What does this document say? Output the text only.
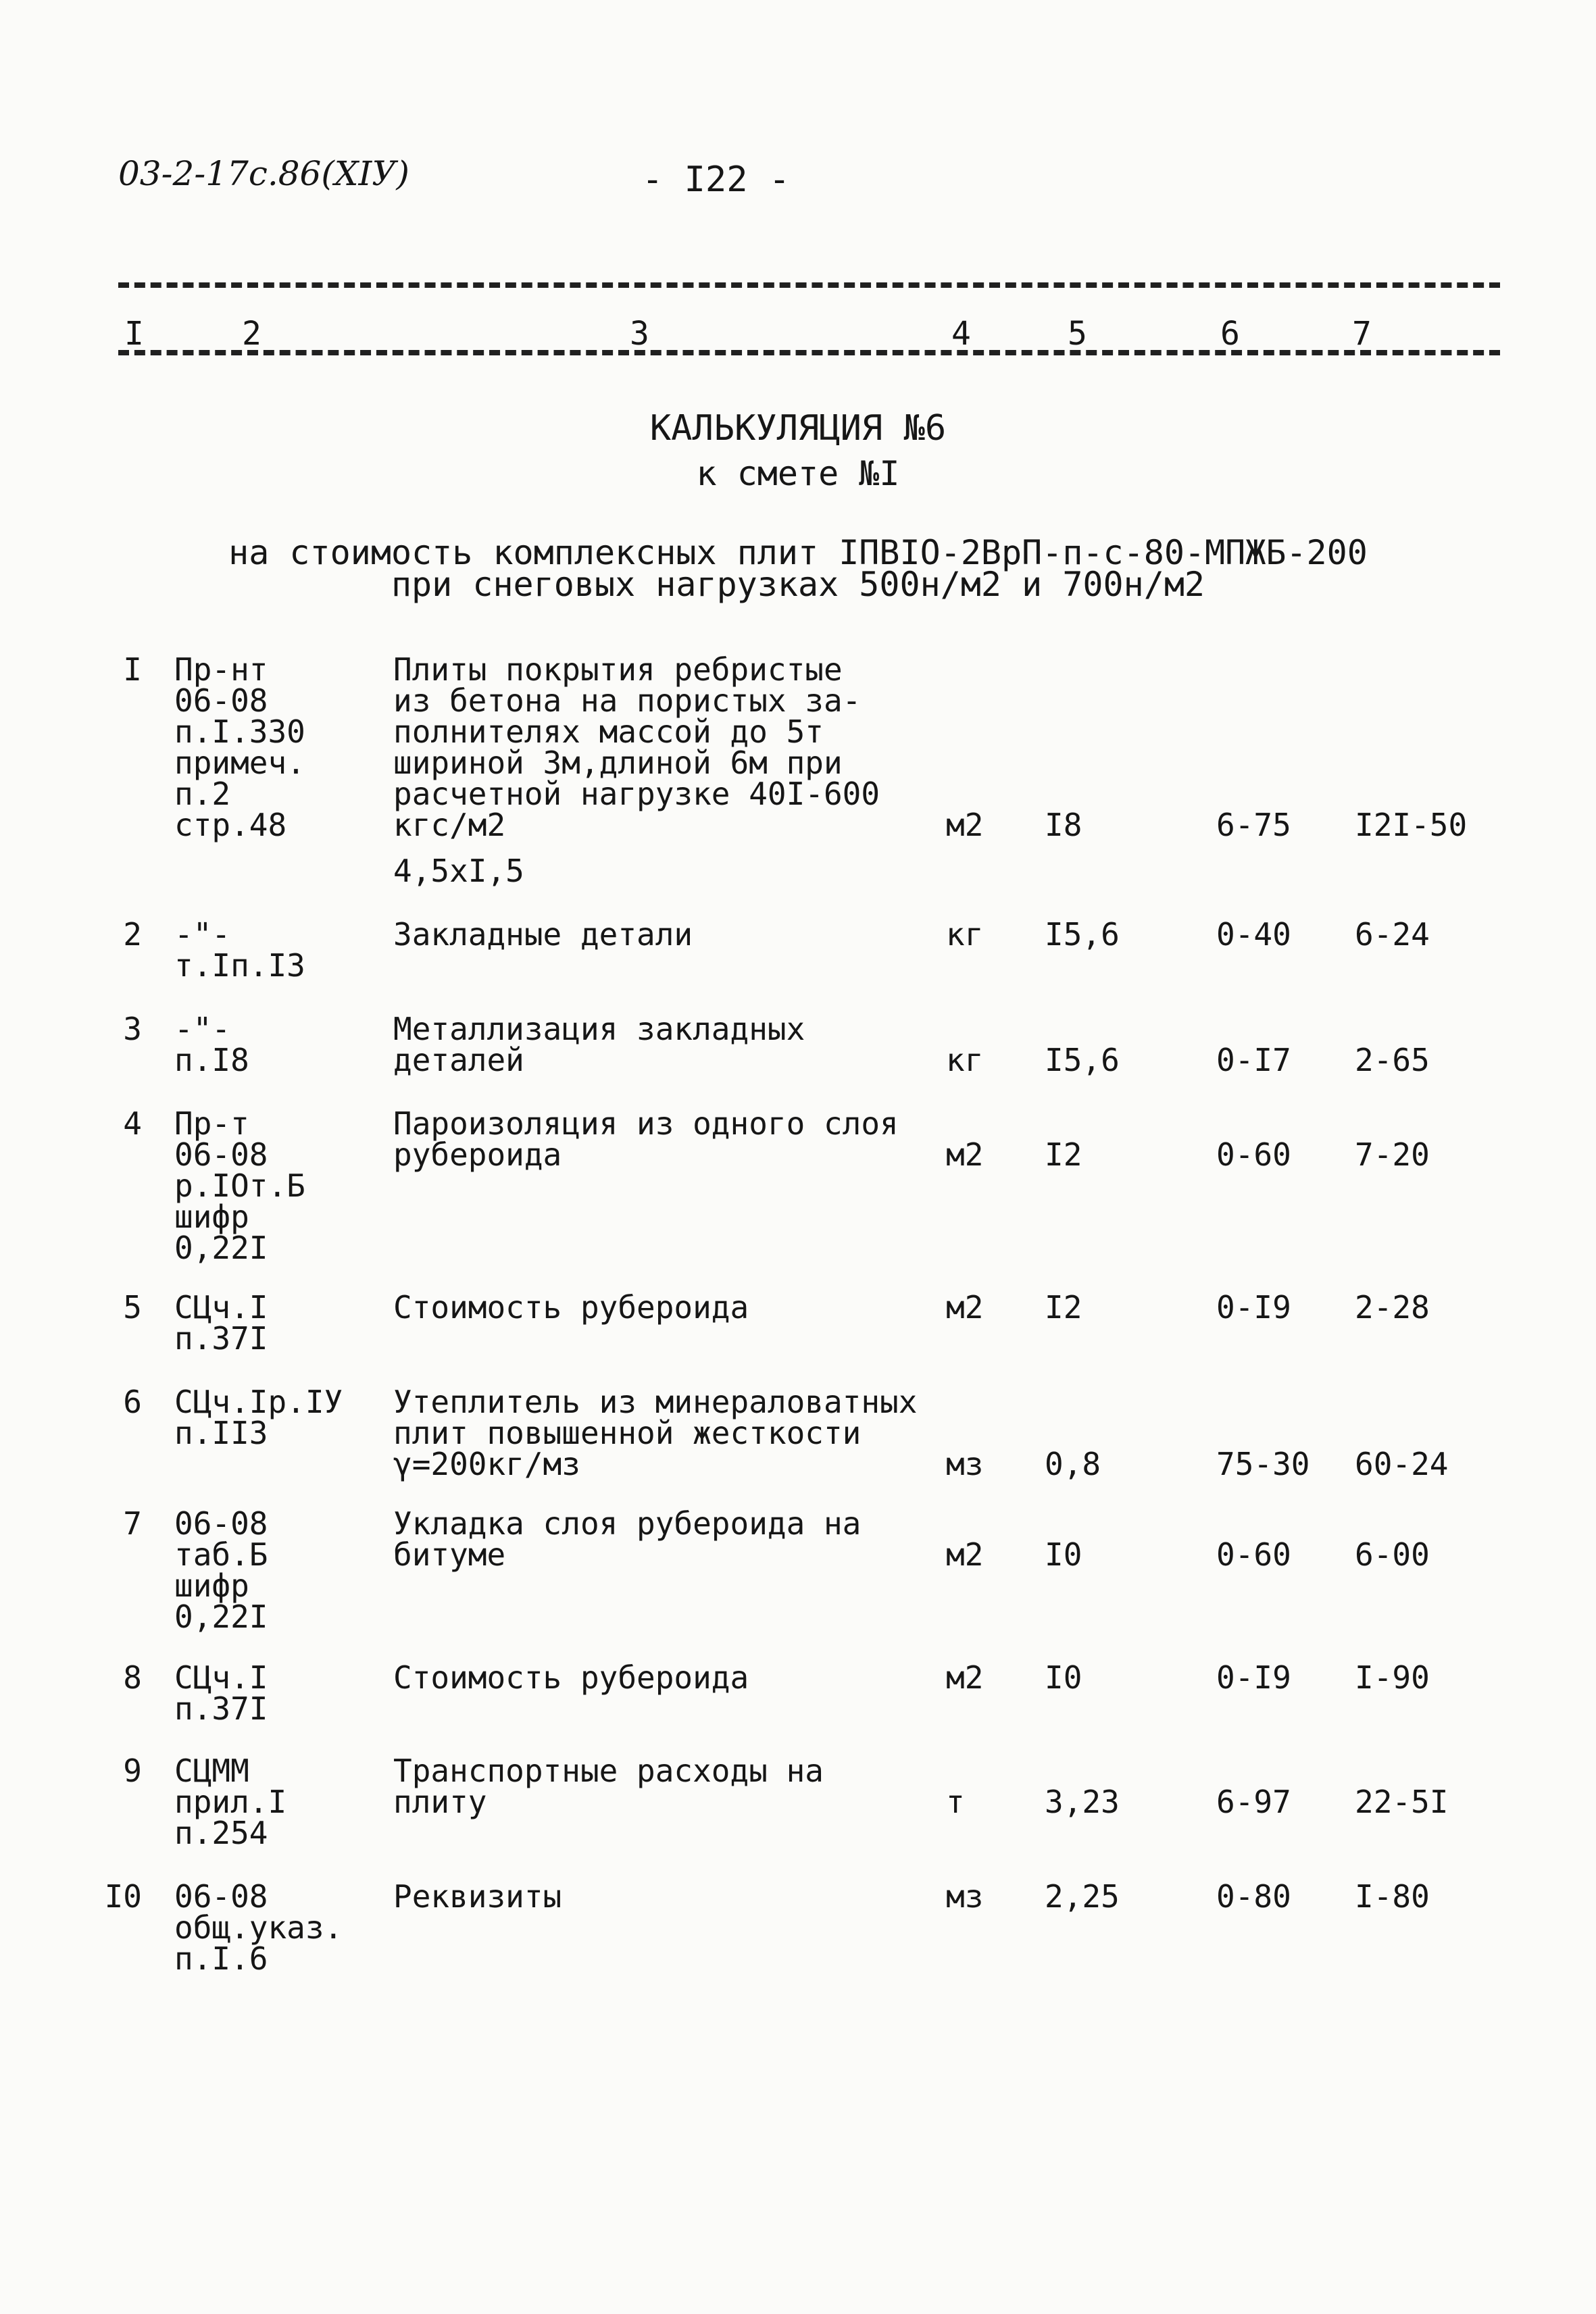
03-2-17с.86(XIУ)	- I22 -
I	2	3	4	5	6	7
КАЛЬКУЛЯЦИЯ №6
к смете №I
на стоимость комплексных плит IПВIО-2ВрП-п-с-80-МПЖБ-200
при снеговых нагрузках 500н/м2 и 700н/м2
I Пр-нт
06-08
п.I.330
примеч.
п.2
стр.48
Плиты покрытия ребристые
из бетона на пористых за-
полнителях массой до 5т
шириной 3м,длиной 6м при
расчетной нагрузке 40I-600
кгс/м2
4,5xI,5
м2 I8	6-75 I2I-50
2 -"-
т.Iп.I3
Закладные детали	кг I5,6	0-40 6-24
3 -"-
п.I8
Металлизация закладных
деталей	кг I5,6	0-I7 2-65
4 Пр-т
06-08
р.IОт.Б
шифр
0,22I
Пароизоляция из одного слоя
рубероида	м2 I2	0-60 7-20
5 СЦч.I
п.37I
Стоимость рубероида	м2 I2	0-I9 2-28
6 СЦч.Iр.IУ
п.II3
Утеплитель из минераловатных
плит повышенной жесткости
γ=200кг/мз	мз 0,8	75-30 60-24
7 06-08
таб.Б
шифр
0,22I
Укладка слоя рубероида на
битуме	м2 I0	0-60 6-00
8 СЦч.I
п.37I
Стоимость рубероида	м2 I0	0-I9 I-90
9 СЦММ
прил.I
п.254
Транспортные расходы на
плиту	т	3,23	6-97 22-5I
I0 06-08
общ.указ.
п.I.6
Реквизиты	мз 2,25	0-80 I-80
